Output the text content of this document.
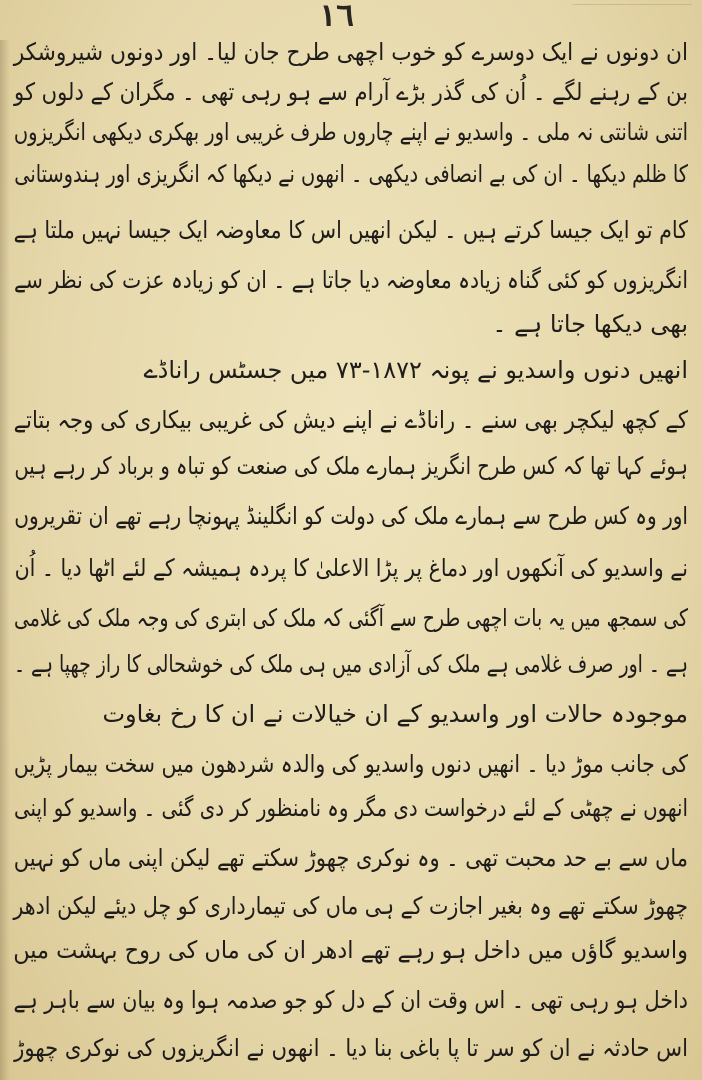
١٦
ان دونوں نے ایک دوسرے کو خوب اچھی طرح جان لیا۔ اور دونوں شیروشکر
بن کے رہنے لگے ۔ اُن کی گذر بڑے آرام سے ہو رہی تھی ۔ مگران کے دلوں کو
اتنی شانتی نہ ملی ۔ واسدیو نے اپنے چاروں طرف غریبی اور بھکری دیکھی انگریزوں
کا ظلم دیکھا ۔ ان کی بے انصافی دیکھی ۔ انھوں نے دیکھا کہ انگریزی اور ہندوستانی
کام تو ایک جیسا کرتے ہیں ۔ لیکن انھیں اس کا معاوضہ ایک جیسا نہیں ملتا ہے
انگریزوں کو کئی گناہ زیادہ معاوضہ دیا جاتا ہے ۔ ان کو زیادہ عزت کی نظر سے
بھی دیکھا جاتا ہے ۔
انھیں دنوں واسدیو نے پونہ ۱۸۷۲-۷۳ میں جسٹس راناڈے
کے کچھ لیکچر بھی سنے ۔ راناڈے نے اپنے دیش کی غریبی بیکاری کی وجہ بتاتے
ہوئے کہا تھا کہ کس طرح انگریز ہمارے ملک کی صنعت کو تباہ و برباد کر رہے ہیں
اور وہ کس طرح سے ہمارے ملک کی دولت کو انگلینڈ پہونچا رہے تھے ان تقریروں
نے واسدیو کی آنکھوں اور دماغ پر پڑا الاعلیٰ کا پردہ ہمیشہ کے لئے اٹھا دیا ۔ اُن
کی سمجھ میں یہ بات اچھی طرح سے آگئی کہ ملک کی ابتری کی وجہ ملک کی غلامی
ہے ۔ اور صرف غلامی ہے ملک کی آزادی میں ہی ملک کی خوشحالی کا راز چھپا ہے ۔
موجودہ حالات اور واسدیو کے ان خیالات نے ان کا رخ بغاوت
کی جانب موڑ دیا ۔ انھیں دنوں واسدیو کی والدہ شردھون میں سخت بیمار پڑیں
انھوں نے چھٹی کے لئے درخواست دی مگر وہ نامنظور کر دی گئی ۔ واسدیو کو اپنی
ماں سے بے حد محبت تھی ۔ وہ نوکری چھوڑ سکتے تھے لیکن اپنی ماں کو نہیں
چھوڑ سکتے تھے وہ بغیر اجازت کے ہی ماں کی تیمارداری کو چل دیئے لیکن ادھر
واسدیو گاؤں میں داخل ہو رہے تھے ادھر ان کی ماں کی روح بہشت میں
داخل ہو رہی تھی ۔ اس وقت ان کے دل کو جو صدمہ ہوا وہ بیان سے باہر ہے
اس حادثہ نے ان کو سر تا پا باغی بنا دیا ۔ انھوں نے انگریزوں کی نوکری چھوڑ
